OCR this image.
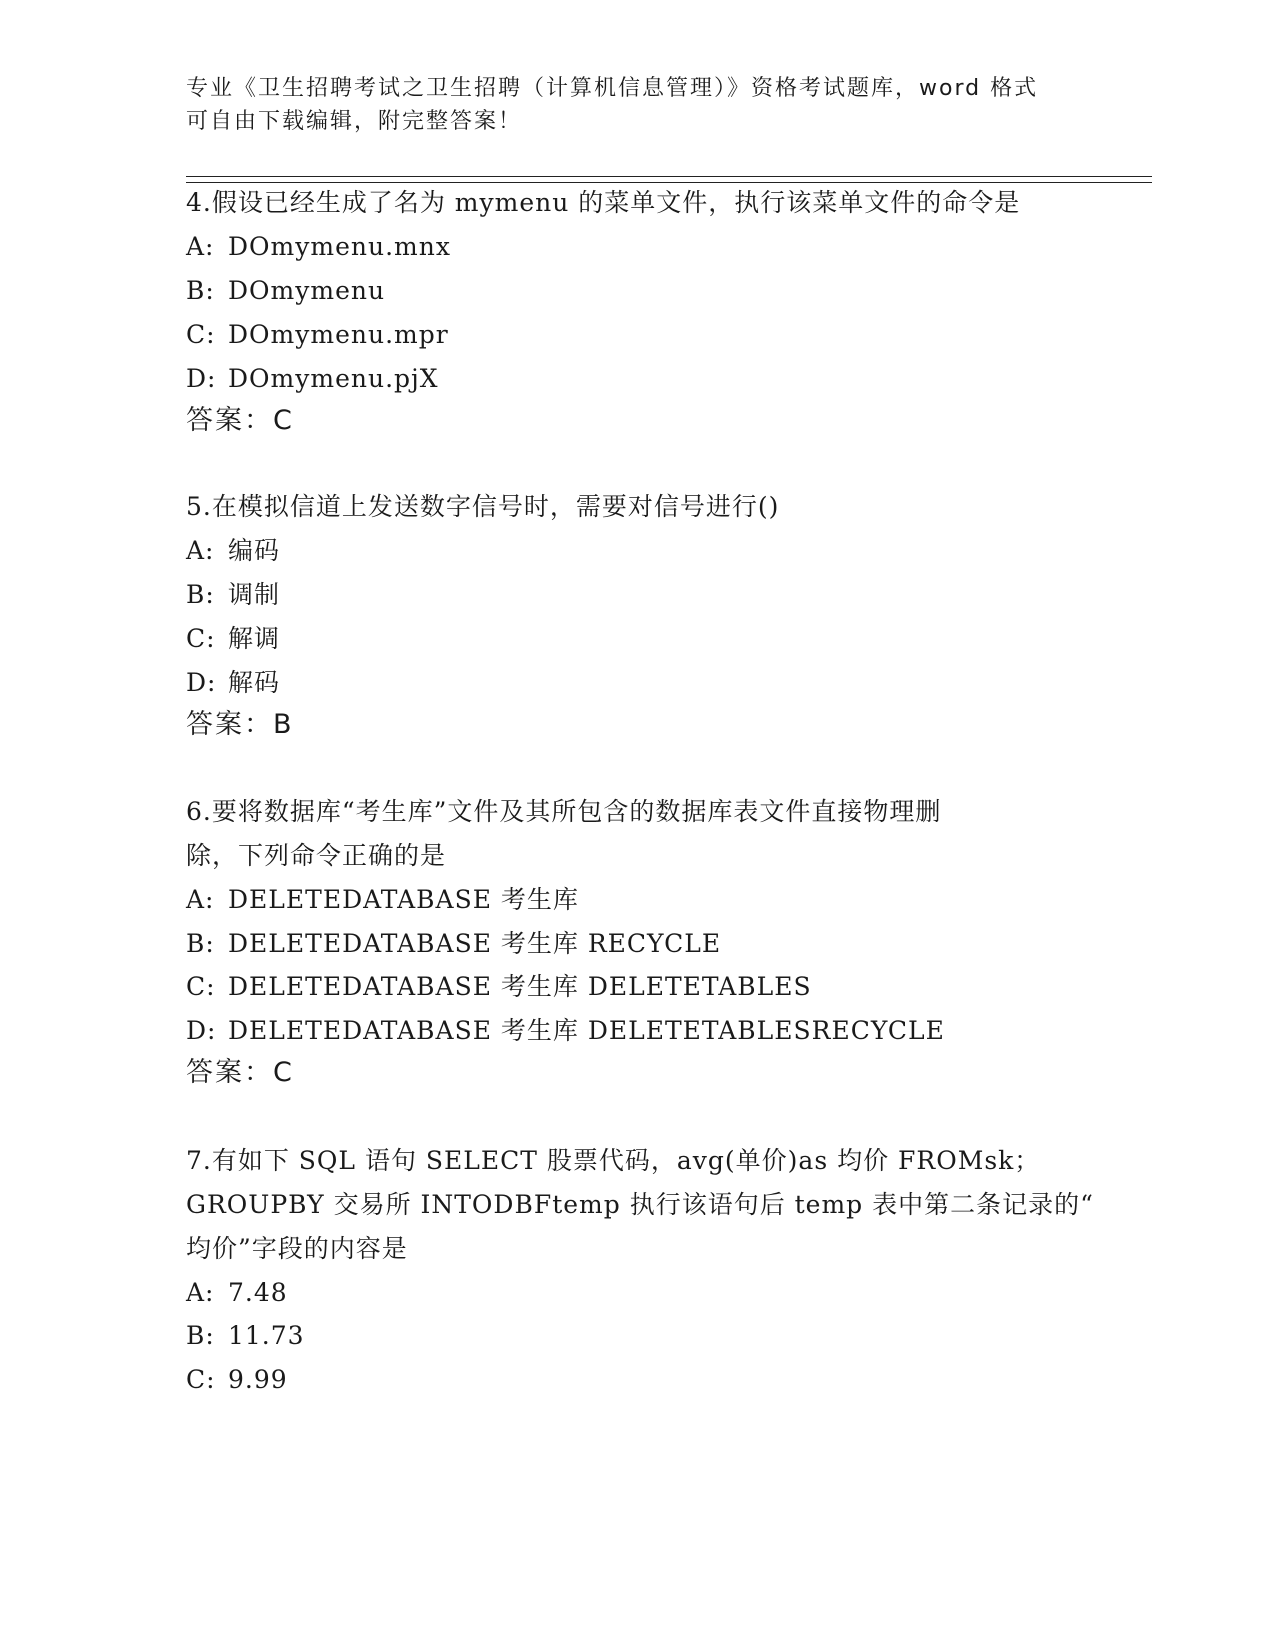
专业《卫生招聘考试之卫生招聘（计算机信息管理）》资格考试题库，word 格式
可自由下载编辑，附完整答案！
4.假设已经生成了名为 mymenu 的菜单文件，执行该菜单文件的命令是
A: DOmymenu.mnx
B: DOmymenu
C: DOmymenu.mpr
D: DOmymenu.pjX
答案：C
5.在模拟信道上发送数字信号时，需要对信号进行()
A: 编码
B: 调制
C: 解调
D: 解码
答案：B
6.要将数据库“考生库”文件及其所包含的数据库表文件直接物理删
除，下列命令正确的是
A: DELETEDATABASE 考生库
B: DELETEDATABASE 考生库 RECYCLE
C: DELETEDATABASE 考生库 DELETETABLES
D: DELETEDATABASE 考生库 DELETETABLESRECYCLE
答案：C
7.有如下 SQL 语句 SELECT 股票代码，avg(单价)as 均价 FROMsk；
GROUPBY 交易所 INTODBFtemp 执行该语句后 temp 表中第二条记录的“
均价”字段的内容是
A: 7.48
B: 11.73
C: 9.99
